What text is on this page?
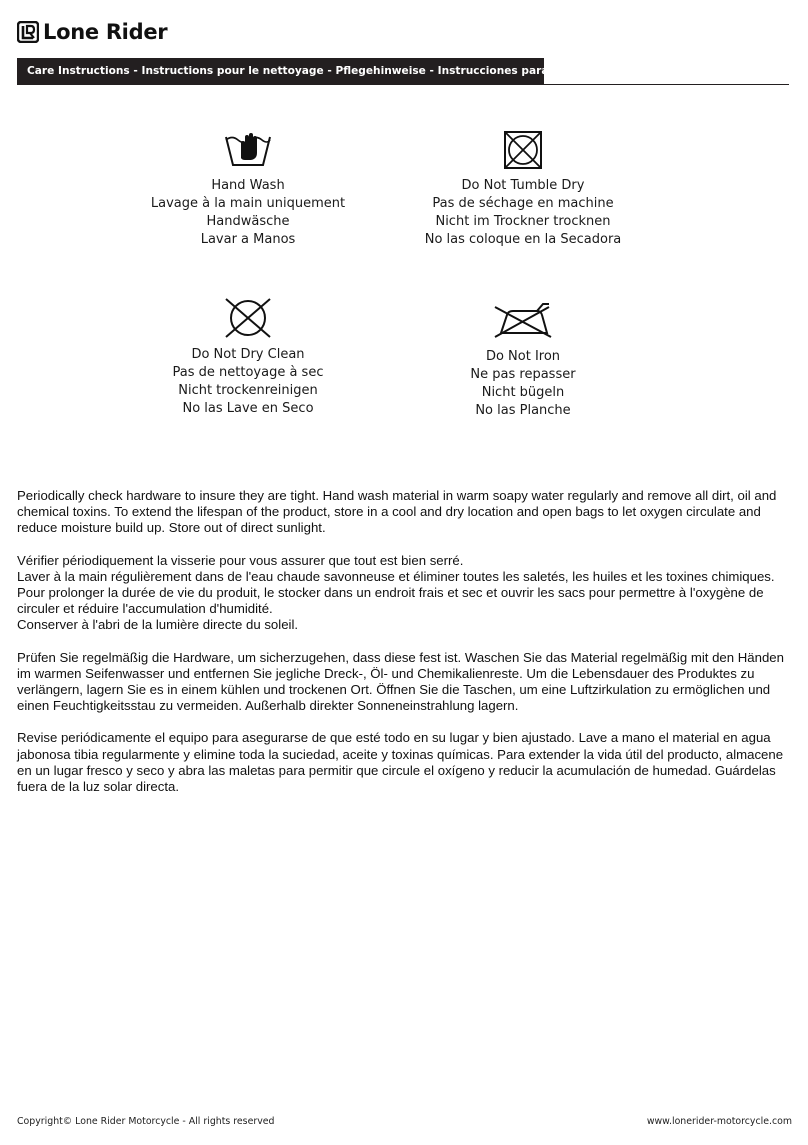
Lone Rider
Care Instructions - Instructions pour le nettoyage - Pflegehinweise - Instrucciones para Cuidado
Hand Wash
Lavage à la main uniquement
Handwäsche
Lavar a Manos
Do Not Tumble Dry
Pas de séchage en machine
Nicht im Trockner trocknen
No las coloque en la Secadora
Do Not Dry Clean
Pas de nettoyage à sec
Nicht trockenreinigen
No las Lave en Seco
Do Not Iron
Ne pas repasser
Nicht bügeln
No las Planche

Periodically check hardware to insure they are tight. Hand wash material in warm soapy water regularly and remove all dirt, oil and chemical toxins. To extend the lifespan of the product, store in a cool and dry location and open bags to let oxygen circulate and reduce moisture build up. Store out of direct sunlight.

Vérifier périodiquement la visserie pour vous assurer que tout est bien serré.
Laver à la main régulièrement dans de l'eau chaude savonneuse et éliminer toutes les saletés, les huiles et les toxines chimiques. Pour prolonger la durée de vie du produit, le stocker dans un endroit frais et sec et ouvrir les sacs pour permettre à l'oxygène de circuler et réduire l'accumulation d'humidité.
Conserver à l'abri de la lumière directe du soleil.

Prüfen Sie regelmäßig die Hardware, um sicherzugehen, dass diese fest ist. Waschen Sie das Material regelmäßig mit den Händen im warmen Seifenwasser und entfernen Sie jegliche Dreck-, Öl- und Chemikalienreste. Um die Lebensdauer des Produktes zu verlängern, lagern Sie es in einem kühlen und trockenen Ort. Öffnen Sie die Taschen, um eine Luftzirkulation zu ermöglichen und einen Feuchtigkeitsstau zu vermeiden. Außerhalb direkter Sonneneinstrahlung lagern.

Revise periódicamente el equipo para asegurarse de que esté todo en su lugar y bien ajustado. Lave a mano el material en agua jabonosa tibia regularmente y elimine toda la suciedad, aceite y toxinas químicas. Para extender la vida útil del producto, almacene en un lugar fresco y seco y abra las maletas para permitir que circule el oxígeno y reducir la acumulación de humedad. Guárdelas fuera de la luz solar directa.

Copyright© Lone Rider Motorcycle - All rights reserved	www.lonerider-motorcycle.com
